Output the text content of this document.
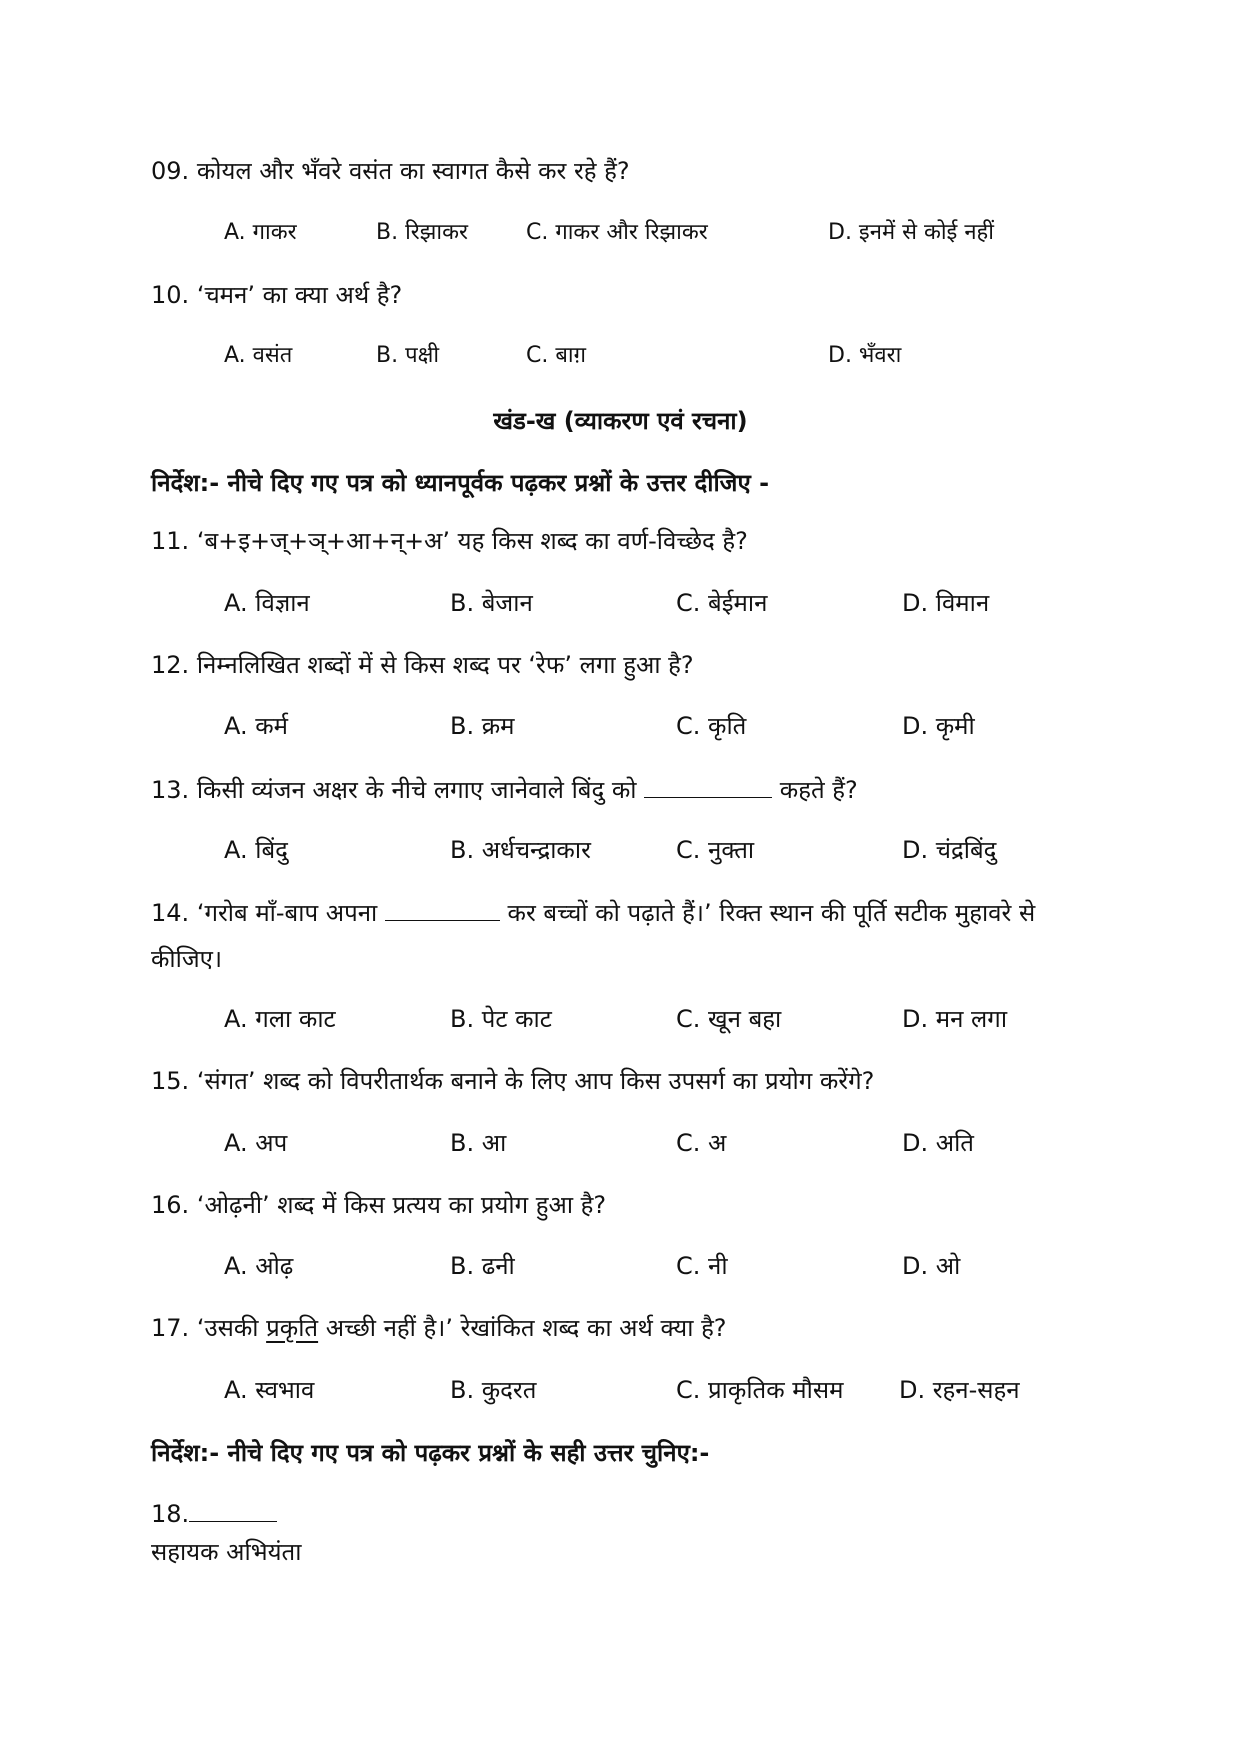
09. कोयल और भँवरे वसंत का स्वागत कैसे कर रहे हैं?
A. गाकर	B. रिझाकर	C. गाकर और रिझाकर	D. इनमें से कोई नहीं
10. ‘चमन’ का क्या अर्थ है?
A. वसंत	B. पक्षी	C. बाग़	D. भँवरा
खंड-ख (व्याकरण एवं रचना)
निर्देश:- नीचे दिए गए पत्र को ध्यानपूर्वक पढ़कर प्रश्नों के उत्तर दीजिए -
11. ‘ब+इ+ज्+ञ्+आ+न्+अ’ यह किस शब्द का वर्ण-विच्छेद है?
A. विज्ञान	B. बेजान	C. बेईमान	D. विमान
12. निम्नलिखित शब्दों में से किस शब्द पर ‘रेफ’ लगा हुआ है?
A. कर्म	B. क्रम	C. कृति	D. कृमी
13. किसी व्यंजन अक्षर के नीचे लगाए जानेवाले बिंदु को	कहते हैं?
A. बिंदु	B. अर्धचन्द्राकार	C. नुक्ता	D. चंद्रबिंदु
14. ‘गरोब माँ-बाप अपना	कर बच्चों को पढ़ाते हैं।’ रिक्त स्थान की पूर्ति सटीक मुहावरे से कीजिए।
A. गला काट	B. पेट काट	C. खून बहा	D. मन लगा
15. ‘संगत’ शब्द को विपरीतार्थक बनाने के लिए आप किस उपसर्ग का प्रयोग करेंगे?
A. अप	B. आ	C. अ	D. अति
16. ‘ओढ़नी’ शब्द में किस प्रत्यय का प्रयोग हुआ है?
A. ओढ़	B. ढनी	C. नी	D. ओ
17. ‘उसकी प्रकृति अच्छी नहीं है।’ रेखांकित शब्द का अर्थ क्या है?
A. स्वभाव	B. कुदरत	C. प्राकृतिक मौसम D. रहन-सहन
निर्देश:- नीचे दिए गए पत्र को पढ़कर प्रश्नों के सही उत्तर चुनिए:-
18.
सहायक अभियंता
